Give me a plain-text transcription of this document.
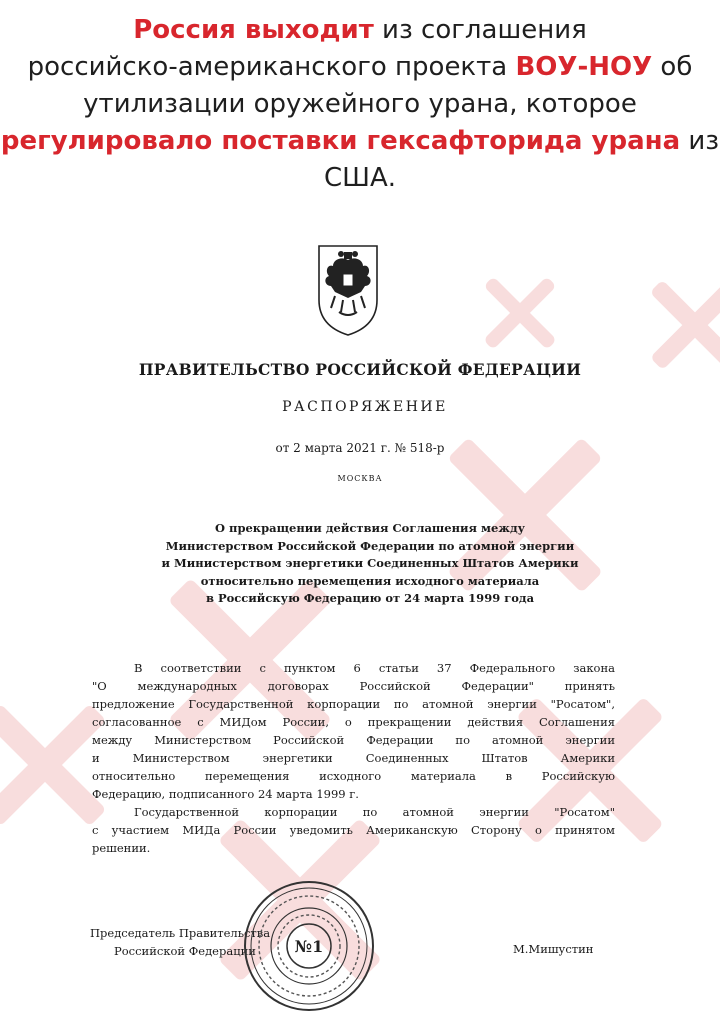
Россия выходит из соглашения
российско-американского проекта ВОУ-НОУ об
утилизации оружейного урана, которое
регулировало поставки гексафторида урана из
США.
ПРАВИТЕЛЬСТВО РОССИЙСКОЙ ФЕДЕРАЦИИ
РАСПОРЯЖЕНИЕ
от 2 марта 2021 г. № 518-р
МОСКВА
О прекращении действия Соглашения между
Министерством Российской Федерации по атомной энергии
и Министерством энергетики Соединенных Штатов Америки
относительно перемещения исходного материала
в Российскую Федерацию от 24 марта 1999 года
В соответствии с пунктом 6 статьи 37 Федерального закона
"О международных договорах Российской Федерации" принять
предложение Государственной корпорации по атомной энергии "Росатом",
согласованное с МИДом России, о прекращении действия Соглашения
между Министерством Российской Федерации по атомной энергии
и Министерством энергетики Соединенных Штатов Америки
относительно перемещения исходного материала в Российскую
Федерацию, подписанного 24 марта 1999 г.
Государственной корпорации по атомной энергии "Росатом"
с участием МИДа России уведомить Американскую Сторону о принятом
решении.
Председатель Правительства
Российской Федерации	М.Мишустин
№1
